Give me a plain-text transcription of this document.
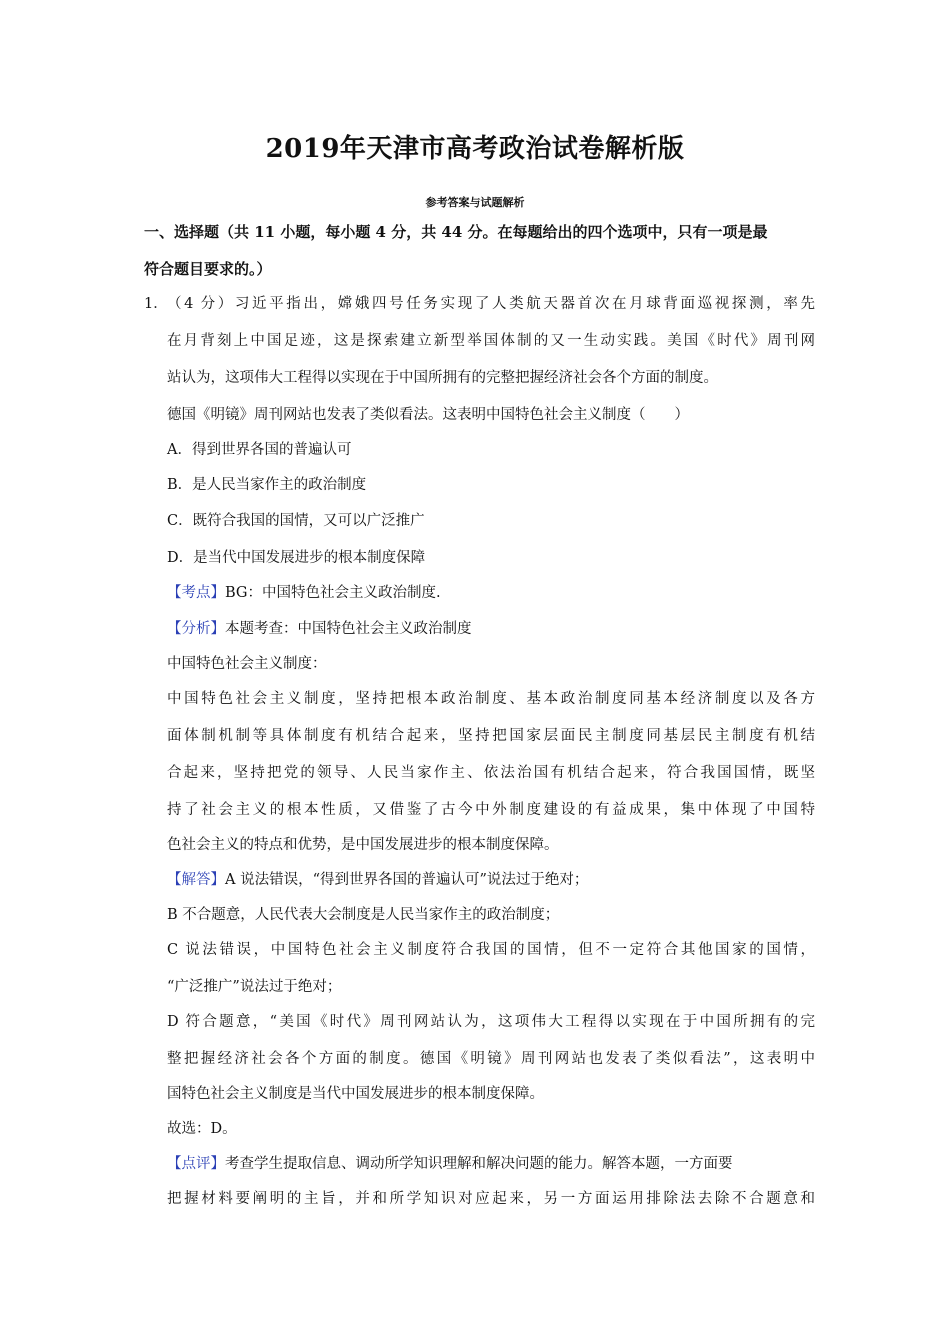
2019年天津市高考政治试卷解析版
参考答案与试题解析
一、选择题（共 11 小题，每小题 4 分，共 44 分。在每题给出的四个选项中，只有一项是最
符合题目要求的。）
1． （4 分）习近平指出，嫦娥四号任务实现了人类航天器首次在月球背面巡视探测，率先
在月背刻上中国足迹，这是探索建立新型举国体制的又一生动实践。美国《时代》周刊网
站认为，这项伟大工程得以实现在于中国所拥有的完整把握经济社会各个方面的制度。
德国《明镜》周刊网站也发表了类似看法。这表明中国特色社会主义制度（　　）
A．得到世界各国的普遍认可
B．是人民当家作主的政治制度
C．既符合我国的国情，又可以广泛推广
D．是当代中国发展进步的根本制度保障
【考点】BG：中国特色社会主义政治制度.
【分析】本题考查：中国特色社会主义政治制度
中国特色社会主义制度：
中国特色社会主义制度，坚持把根本政治制度、基本政治制度同基本经济制度以及各方
面体制机制等具体制度有机结合起来，坚持把国家层面民主制度同基层民主制度有机结
合起来，坚持把党的领导、人民当家作主、依法治国有机结合起来，符合我国国情，既坚
持了社会主义的根本性质，又借鉴了古今中外制度建设的有益成果，集中体现了中国特
色社会主义的特点和优势，是中国发展进步的根本制度保障。
【解答】A 说法错误，“得到世界各国的普遍认可”说法过于绝对；
B 不合题意，人民代表大会制度是人民当家作主的政治制度；
C 说法错误，中国特色社会主义制度符合我国的国情，但不一定符合其他国家的国情，
“广泛推广”说法过于绝对；
D 符合题意，“美国《时代》周刊网站认为，这项伟大工程得以实现在于中国所拥有的完
整把握经济社会各个方面的制度。德国《明镜》周刊网站也发表了类似看法”，这表明中
国特色社会主义制度是当代中国发展进步的根本制度保障。
故选：D。
【点评】考查学生提取信息、调动所学知识理解和解决问题的能力。解答本题，一方面要
把握材料要阐明的主旨，并和所学知识对应起来，另一方面运用排除法去除不合题意和
